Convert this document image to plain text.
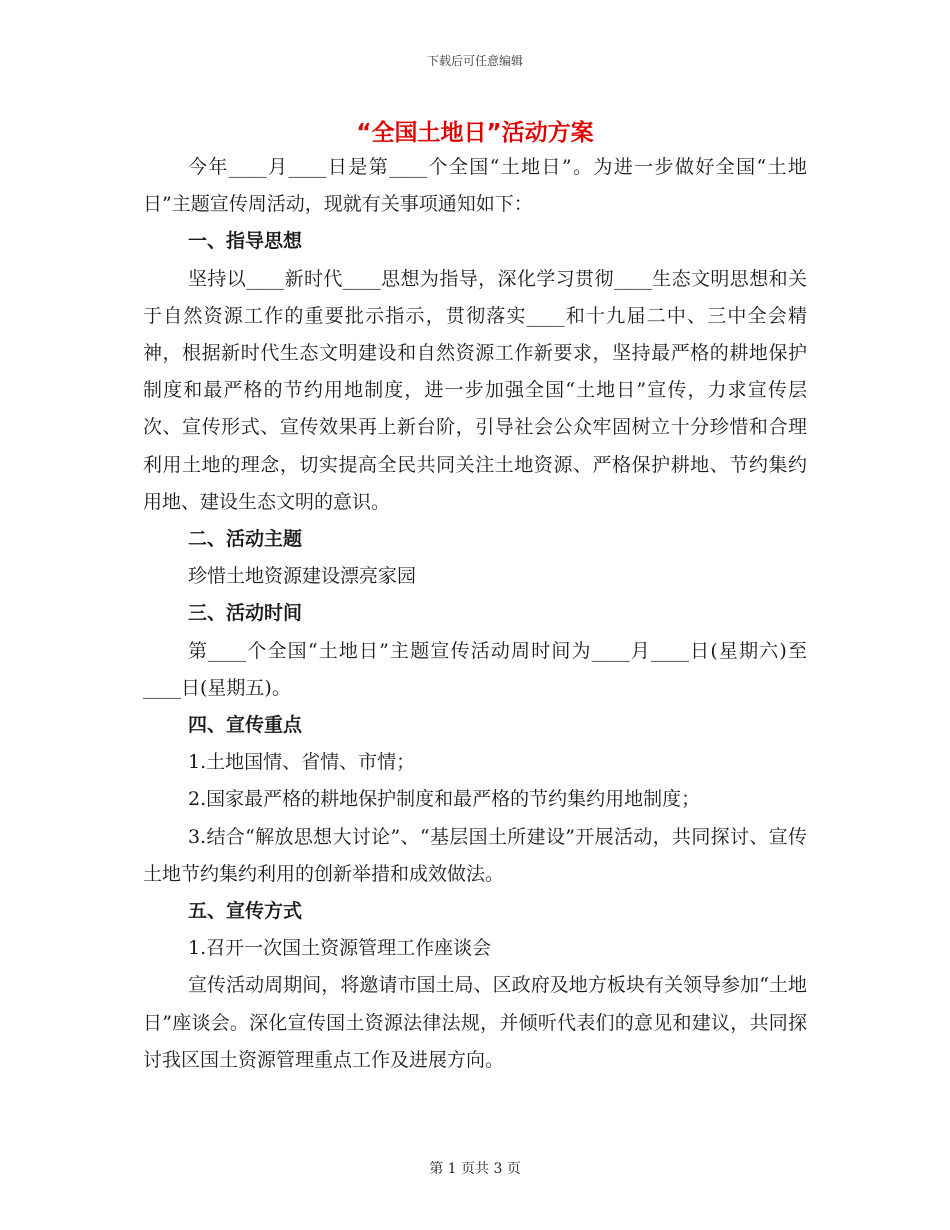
下载后可任意编辑
“全国土地日”活动方案

今年____月____日是第____个全国“土地日”。为进一步做好全国“土地日”主题宣传周活动，现就有关事项通知如下：

一、指导思想

坚持以____新时代____思想为指导，深化学习贯彻____生态文明思想和关于自然资源工作的重要批示指示，贯彻落实____和十九届二中、三中全会精神，根据新时代生态文明建设和自然资源工作新要求，坚持最严格的耕地保护制度和最严格的节约用地制度，进一步加强全国“土地日”宣传，力求宣传层次、宣传形式、宣传效果再上新台阶，引导社会公众牢固树立十分珍惜和合理利用土地的理念，切实提高全民共同关注土地资源、严格保护耕地、节约集约用地、建设生态文明的意识。

二、活动主题

珍惜土地资源建设漂亮家园

三、活动时间

第____个全国“土地日”主题宣传活动周时间为____月____日(星期六)至____日(星期五)。

四、宣传重点

1.土地国情、省情、市情；

2.国家最严格的耕地保护制度和最严格的节约集约用地制度；

3.结合“解放思想大讨论”、“基层国土所建设”开展活动，共同探讨、宣传土地节约集约利用的创新举措和成效做法。

五、宣传方式

1.召开一次国土资源管理工作座谈会

宣传活动周期间，将邀请市国土局、区政府及地方板块有关领导参加“土地日”座谈会。深化宣传国土资源法律法规，并倾听代表们的意见和建议，共同探讨我区国土资源管理重点工作及进展方向。

第 1 页共 3 页
